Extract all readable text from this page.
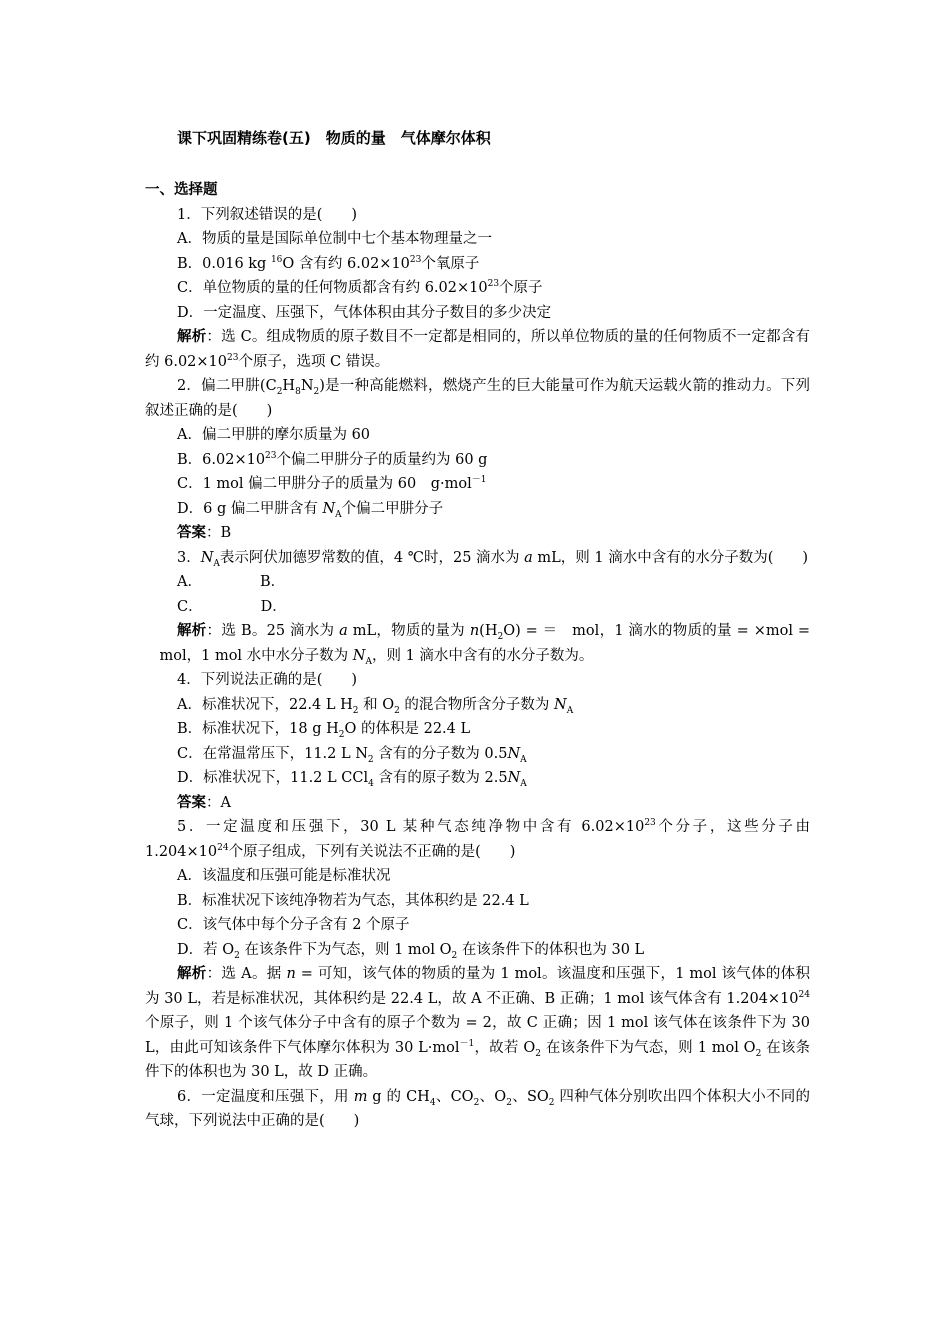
课下巩固精练卷(五)　物质的量　气体摩尔体积
一、选择题
1．下列叙述错误的是(　　)
A．物质的量是国际单位制中七个基本物理量之一
B．0.016 kg $^{16}$O 含有约 $6.02\times 10^{23}$个氧原子
C．单位物质的量的任何物质都含有约 $6.02\times 10^{23}$个原子
D．一定温度、压强下，气体体积由其分子数目的多少决定
解析：选 C。组成物质的原子数目不一定都是相同的，所以单位物质的量的任何物质不一定都含有约 $6.02\times 10^{23}$个原子，选项 C 错误。
2．偏二甲肼$(C_2H_8N_2)$是一种高能燃料，燃烧产生的巨大能量可作为航天运载火箭的推动力。下列叙述正确的是(　　)
A．偏二甲肼的摩尔质量为 60
B．$6.02\times 10^{23}$个偏二甲肼分子的质量约为 60 g
C．1 mol 偏二甲肼分子的质量为 60　g·mol$^{-1}$
D．6 g 偏二甲肼含有 $N_A$个偏二甲肼分子
答案：B
3．$N_A$表示阿伏加德罗常数的值，4 ℃时，25 滴水为 a mL，则 1 滴水中含有的水分子数为(　　)
A．	B．
C．	D．
解析：选 B。25 滴水为 a mL，物质的量为 $n(H_2O)$ = ＝　mol，1 滴水的物质的量 = ×mol = 　mol，1 mol 水中水分子数为 $N_A$，则 1 滴水中含有的水分子数为。
4．下列说法正确的是(　　)
A．标准状况下，22.4 L $H_2$ 和 $O_2$ 的混合物所含分子数为 $N_A$
B．标准状况下，18 g $H_2O$ 的体积是 22.4 L
C．在常温常压下，11.2 L $N_2$ 含有的分子数为 $0.5N_A$
D．标准状况下，11.2 L CCl$_4$ 含有的原子数为 $2.5N_A$
答案：A
5．一定温度和压强下，30 L 某种气态纯净物中含有 $6.02\times 10^{23}$个分子，这些分子由 $1.204\times 10^{24}$个原子组成，下列有关说法不正确的是(　　)
A．该温度和压强可能是标准状况
B．标准状况下该纯净物若为气态，其体积约是 22.4 L
C．该气体中每个分子含有 2 个原子
D．若 $O_2$ 在该条件下为气态，则 1 mol $O_2$ 在该条件下的体积也为 30 L
解析：选 A。据 n = 可知，该气体的物质的量为 1 mol。该温度和压强下，1 mol 该气体的体积为 30 L，若是标准状况，其体积约是 22.4 L，故 A 不正确、B 正确；1 mol 该气体含有 $1.204\times 10^{24}$个原子，则 1 个该气体分子中含有的原子个数为 = 2，故 C 正确；因 1 mol 该气体在该条件下为 30 L，由此可知该条件下气体摩尔体积为 30 L·mol$^{-1}$，故若 $O_2$ 在该条件下为气态，则 1 mol $O_2$ 在该条件下的体积也为 30 L，故 D 正确。
6．一定温度和压强下，用 m g 的 $CH_4$、$CO_2$、$O_2$、$SO_2$ 四种气体分别吹出四个体积大小不同的气球，下列说法中正确的是(　　)
